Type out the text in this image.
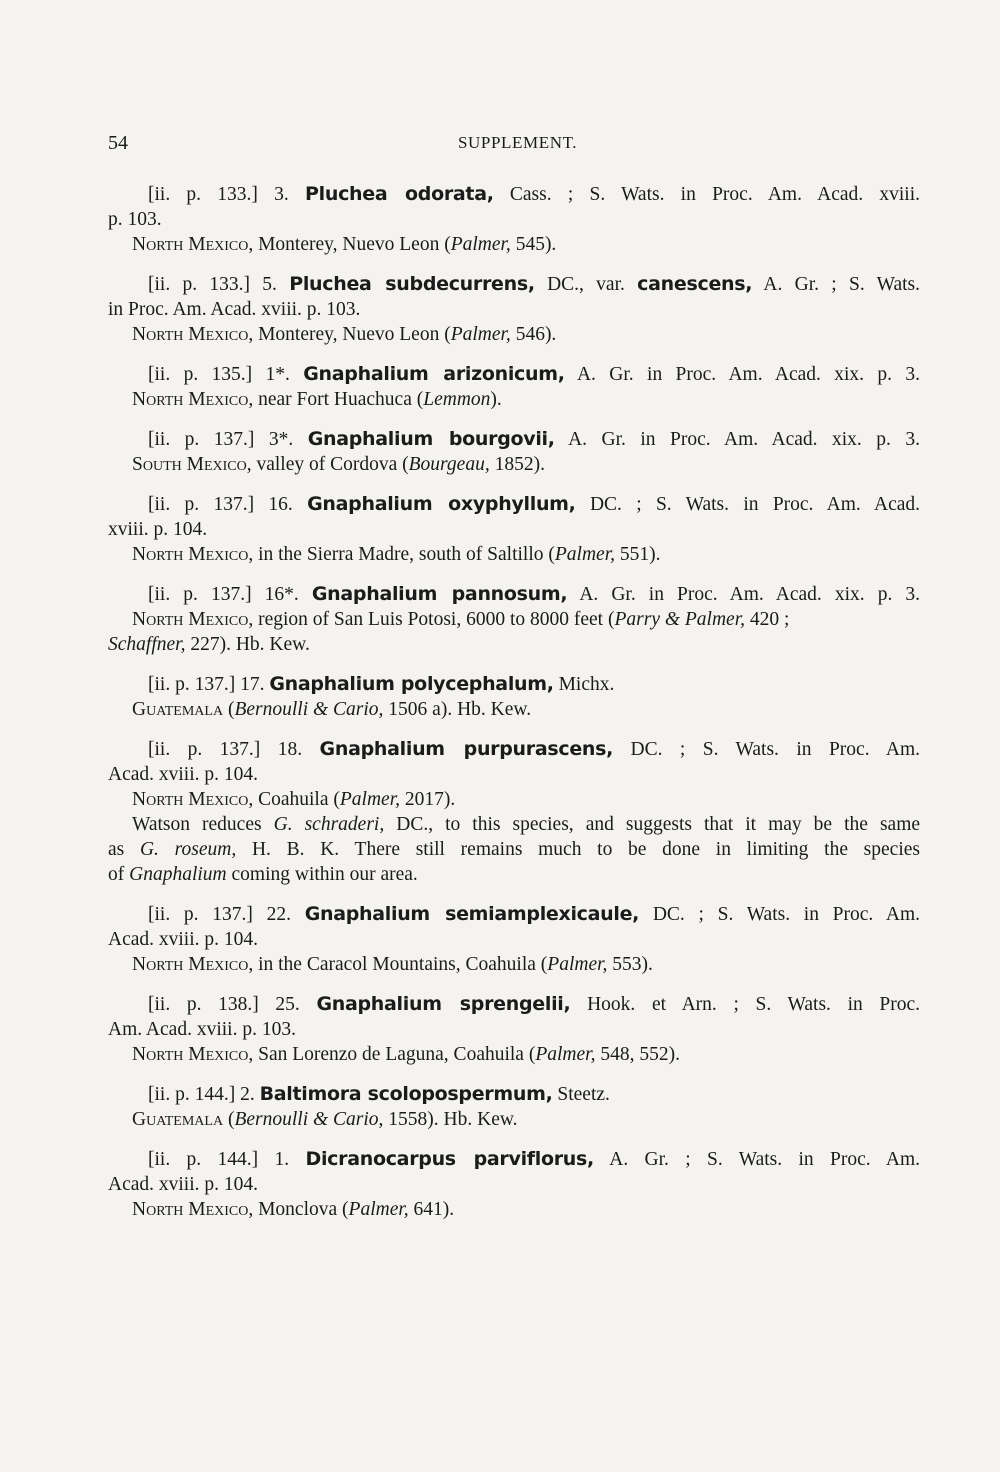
54	SUPPLEMENT.
[ii. p. 133.] 3. Pluchea odorata, Cass. ; S. Wats. in Proc. Am. Acad. xviii.
p. 103.
North Mexico, Monterey, Nuevo Leon (Palmer, 545).
[ii. p. 133.] 5. Pluchea subdecurrens, DC., var. canescens, A. Gr. ; S. Wats.
in Proc. Am. Acad. xviii. p. 103.
North Mexico, Monterey, Nuevo Leon (Palmer, 546).
[ii. p. 135.] 1*. Gnaphalium arizonicum, A. Gr. in Proc. Am. Acad. xix. p. 3.
North Mexico, near Fort Huachuca (Lemmon).
[ii. p. 137.] 3*. Gnaphalium bourgovii, A. Gr. in Proc. Am. Acad. xix. p. 3.
South Mexico, valley of Cordova (Bourgeau, 1852).
[ii. p. 137.] 16. Gnaphalium oxyphyllum, DC. ; S. Wats. in Proc. Am. Acad.
xviii. p. 104.
North Mexico, in the Sierra Madre, south of Saltillo (Palmer, 551).
[ii. p. 137.] 16*. Gnaphalium pannosum, A. Gr. in Proc. Am. Acad. xix. p. 3.
North Mexico, region of San Luis Potosi, 6000 to 8000 feet (Parry & Palmer, 420 ;
Schaffner, 227). Hb. Kew.
[ii. p. 137.] 17. Gnaphalium polycephalum, Michx.
Guatemala (Bernoulli & Cario, 1506 a). Hb. Kew.
[ii. p. 137.] 18. Gnaphalium purpurascens, DC. ; S. Wats. in Proc. Am.
Acad. xviii. p. 104.
North Mexico, Coahuila (Palmer, 2017).
Watson reduces G. schraderi, DC., to this species, and suggests that it may be the same
as G. roseum, H. B. K. There still remains much to be done in limiting the species
of Gnaphalium coming within our area.
[ii. p. 137.] 22. Gnaphalium semiamplexicaule, DC. ; S. Wats. in Proc. Am.
Acad. xviii. p. 104.
North Mexico, in the Caracol Mountains, Coahuila (Palmer, 553).
[ii. p. 138.] 25. Gnaphalium sprengelii, Hook. et Arn. ; S. Wats. in Proc.
Am. Acad. xviii. p. 103.
North Mexico, San Lorenzo de Laguna, Coahuila (Palmer, 548, 552).
[ii. p. 144.] 2. Baltimora scolopospermum, Steetz.
Guatemala (Bernoulli & Cario, 1558). Hb. Kew.
[ii. p. 144.] 1. Dicranocarpus parviflorus, A. Gr. ; S. Wats. in Proc. Am.
Acad. xviii. p. 104.
North Mexico, Monclova (Palmer, 641).
